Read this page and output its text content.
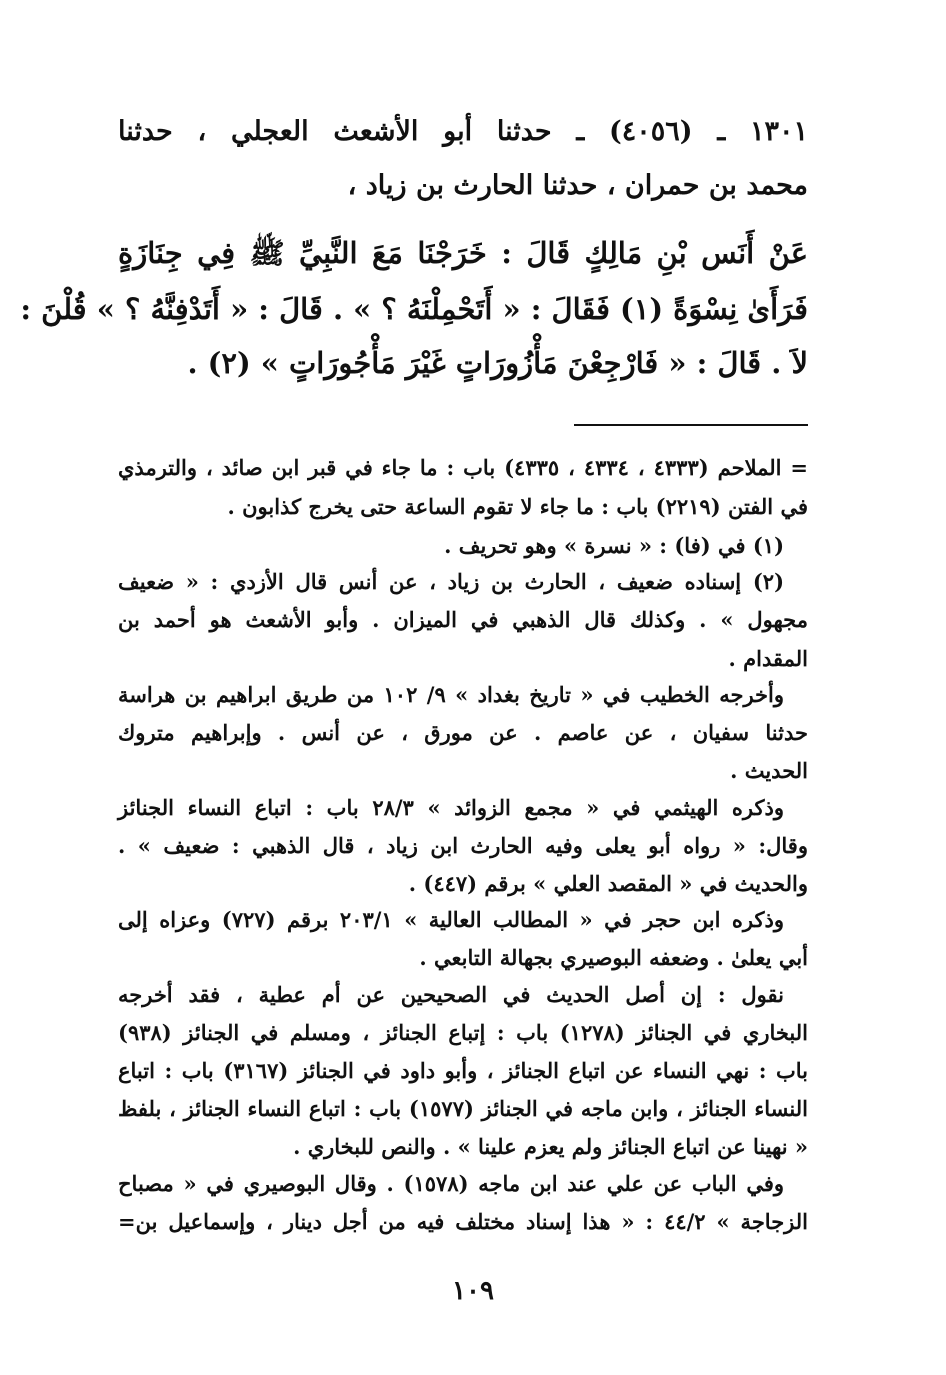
١٣٠١ ـ (٤٠٥٦) ـ حدثنا أبو الأشعث العجلي ، حدثنا
محمد بن حمران ، حدثنا الحارث بن زياد ،
عَنْ أَنَس بْنِ مَالِكٍ قَالَ : خَرَجْنَا مَعَ النَّبِيِّ ﷺ فِي جِنَازَةٍ
فَرَأَىٰ نِسْوَةً (١) فَقَالَ : « أَتَحْمِلْنَهُ ؟ » . قَالَ : « أَتَدْفِنَّهُ ؟ » قُلْنَ :
لاَ . قَالَ : « فَارْجِعْنَ مَأْزُورَاتٍ غَيْرَ مَأْجُورَاتٍ » (٢) .
= الملاحم (٤٣٣٣ ، ٤٣٣٤ ، ٤٣٣٥) باب : ما جاء في قبر ابن صائد ، والترمذي
في الفتن (٢٢١٩) باب : ما جاء لا تقوم الساعة حتى يخرج كذابون .
(١) في (فا) : « نسرة » وهو تحريف .
(٢) إسناده ضعيف ، الحارث بن زياد ، عن أنس قال الأزدي : « ضعيف
مجهول » . وكذلك قال الذهبي في الميزان . وأبو الأشعث هو أحمد بن
المقدام .
وأخرجه الخطيب في « تاريخ بغداد » ٩/ ١٠٢ من طريق ابراهيم بن هراسة
حدثنا سفيان ، عن عاصم . عن مورق ، عن أنس . وإبراهيم متروك
الحديث .
وذكره الهيثمي في « مجمع الزوائد » ٢٨/٣ باب : اتباع النساء الجنائز
وقال: « رواه أبو يعلى وفيه الحارث ابن زياد ، قال الذهبي : ضعيف » .
والحديث في « المقصد العلي » برقم (٤٤٧) .
وذكره ابن حجر في « المطالب العالية » ٢٠٣/١ برقم (٧٢٧) وعزاه إلى
أبي يعلىٰ . وضعفه البوصيري بجهالة التابعي .
نقول : إن أصل الحديث في الصحيحين عن أم عطية ، فقد أخرجه
البخاري في الجنائز (١٢٧٨) باب : إتباع الجنائز ، ومسلم في الجنائز (٩٣٨)
باب : نهي النساء عن اتباع الجنائز ، وأبو داود في الجنائز (٣١٦٧) باب : اتباع
النساء الجنائز ، وابن ماجه في الجنائز (١٥٧٧) باب : اتباع النساء الجنائز ، بلفظ
« نهينا عن اتباع الجنائز ولم يعزم علينا » . والنص للبخاري .
وفي الباب عن علي عند ابن ماجه (١٥٧٨) . وقال البوصيري في « مصباح
الزجاجة » ٤٤/٢ : « هذا إسناد مختلف فيه من أجل دينار ، وإسماعيل بن=
١٠٩
